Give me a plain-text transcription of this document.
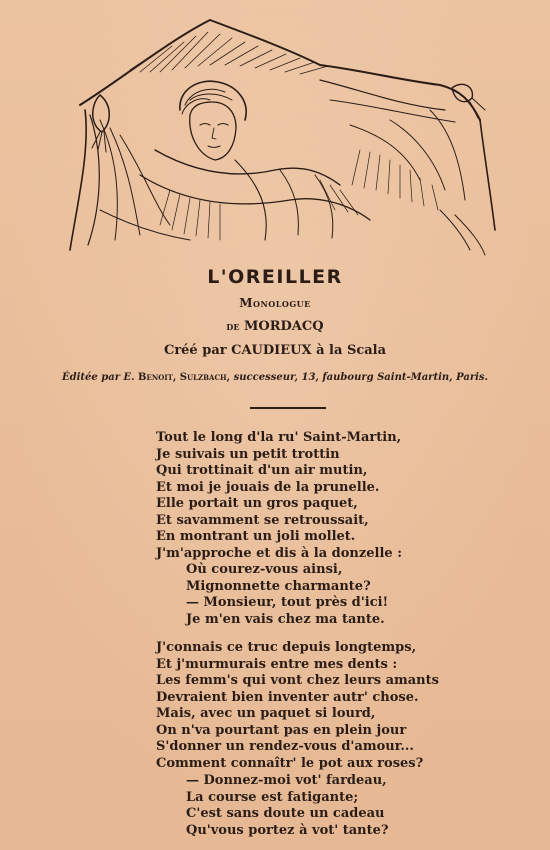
L'OREILLER
Monologue
de MORDACQ
Créé par CAUDIEUX à la Scala
Éditée par E. Benoit, Sulzbach, successeur, 13, faubourg Saint-Martin, Paris.
Tout le long d'la ru' Saint-Martin,
Je suivais un petit trottin
Qui trottinait d'un air mutin,
Et moi je jouais de la prunelle.
Elle portait un gros paquet,
Et savamment se retroussait,
En montrant un joli mollet.
J'm'approche et dis à la donzelle :
Où courez-vous ainsi,
Mignonnette charmante?
— Monsieur, tout près d'ici!
Je m'en vais chez ma tante.
J'connais ce truc depuis longtemps,
Et j'murmurais entre mes dents :
Les femm's qui vont chez leurs amants
Devraient bien inventer autr' chose.
Mais, avec un paquet si lourd,
On n'va pourtant pas en plein jour
S'donner un rendez-vous d'amour...
Comment connaîtr' le pot aux roses?
— Donnez-moi vot' fardeau,
La course est fatigante;
C'est sans doute un cadeau
Qu'vous portez à vot' tante?
